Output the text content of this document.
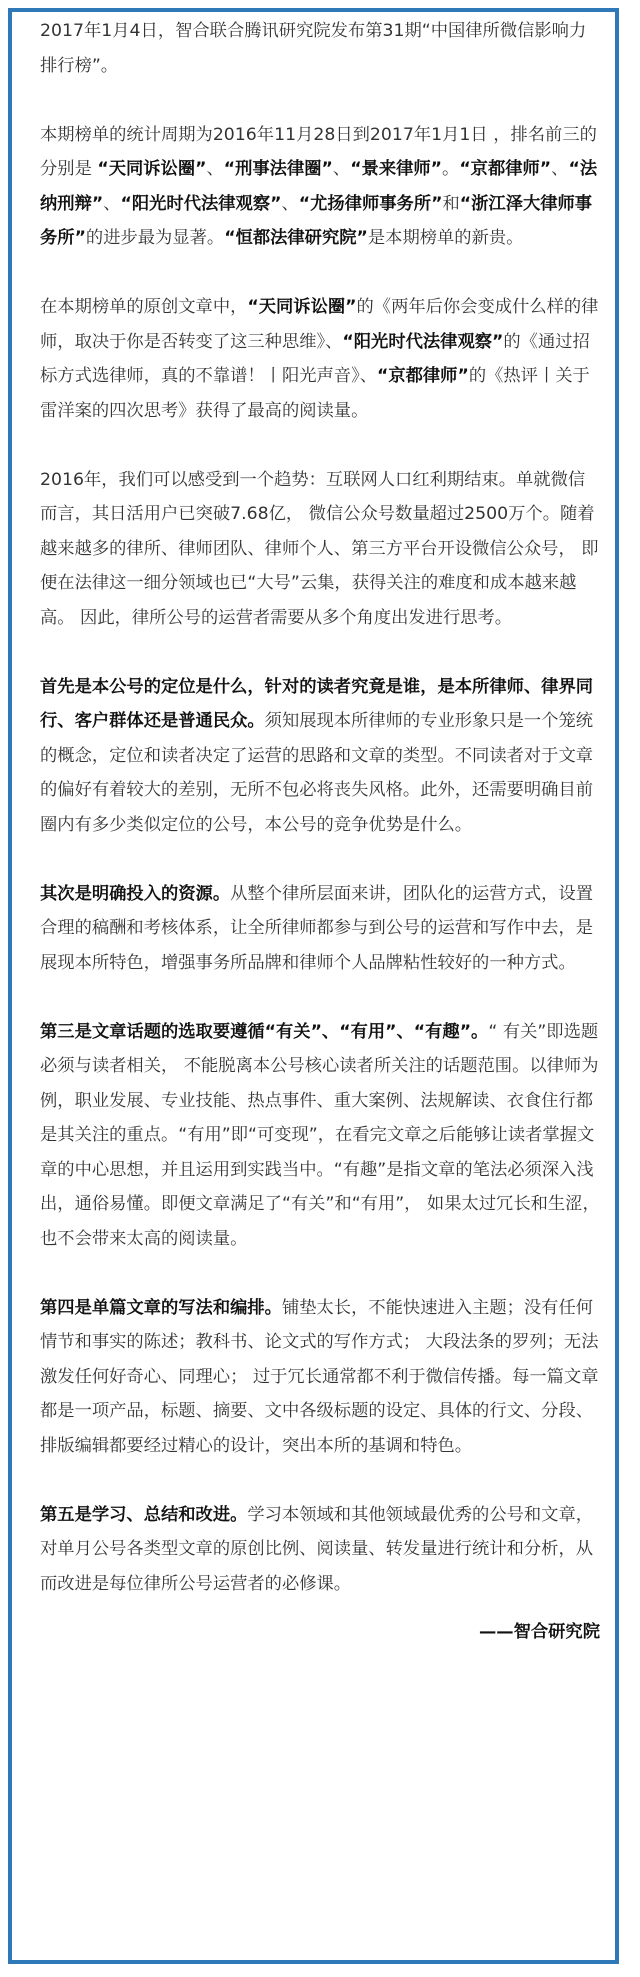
2017年1月4日，智合联合腾讯研究院发布第31期“中国律所微信影响力排行榜”。

本期榜单的统计周期为2016年11月28日到2017年1月1日 ，排名前三的分别是 “天同诉讼圈”、“刑事法律圈”、“景来律师”。“京都律师”、“法纳刑辩”、“阳光时代法律观察”、“尤扬律师事务所”和“浙江泽大律师事务所”的进步最为显著。“恒都法律研究院”是本期榜单的新贵。

在本期榜单的原创文章中，“天同诉讼圈”的《两年后你会变成什么样的律师，取决于你是否转变了这三种思维》、“阳光时代法律观察”的《通过招标方式选律师，真的不靠谱！丨阳光声音》、“京都律师”的《热评丨关于雷洋案的四次思考》获得了最高的阅读量。

2016年，我们可以感受到一个趋势：互联网人口红利期结束。单就微信而言，其日活用户已突破7.68亿， 微信公众号数量超过2500万个。随着越来越多的律所、律师团队、律师个人、第三方平台开设微信公众号， 即便在法律这一细分领域也已“大号”云集，获得关注的难度和成本越来越高。 因此，律所公号的运营者需要从多个角度出发进行思考。

首先是本公号的定位是什么，针对的读者究竟是谁，是本所律师、律界同行、客户群体还是普通民众。须知展现本所律师的专业形象只是一个笼统的概念，定位和读者决定了运营的思路和文章的类型。不同读者对于文章的偏好有着较大的差别，无所不包必将丧失风格。此外，还需要明确目前圈内有多少类似定位的公号，本公号的竞争优势是什么。

其次是明确投入的资源。从整个律所层面来讲，团队化的运营方式，设置合理的稿酬和考核体系，让全所律师都参与到公号的运营和写作中去，是展现本所特色，增强事务所品牌和律师个人品牌粘性较好的一种方式。

第三是文章话题的选取要遵循“有关”、“有用”、“有趣”。“ 有关”即选题必须与读者相关， 不能脱离本公号核心读者所关注的话题范围。以律师为例，职业发展、专业技能、热点事件、重大案例、法规解读、衣食住行都是其关注的重点。“有用”即“可变现”，在看完文章之后能够让读者掌握文章的中心思想，并且运用到实践当中。“有趣”是指文章的笔法必须深入浅出，通俗易懂。即便文章满足了“有关”和“有用”， 如果太过冗长和生涩，也不会带来太高的阅读量。

第四是单篇文章的写法和编排。铺垫太长，不能快速进入主题；没有任何情节和事实的陈述；教科书、论文式的写作方式； 大段法条的罗列；无法激发任何好奇心、同理心； 过于冗长通常都不利于微信传播。每一篇文章都是一项产品，标题、摘要、文中各级标题的设定、具体的行文、分段、排版编辑都要经过精心的设计，突出本所的基调和特色。

第五是学习、总结和改进。学习本领域和其他领域最优秀的公号和文章，对单月公号各类型文章的原创比例、阅读量、转发量进行统计和分析，从而改进是每位律所公号运营者的必修课。

——智合研究院
